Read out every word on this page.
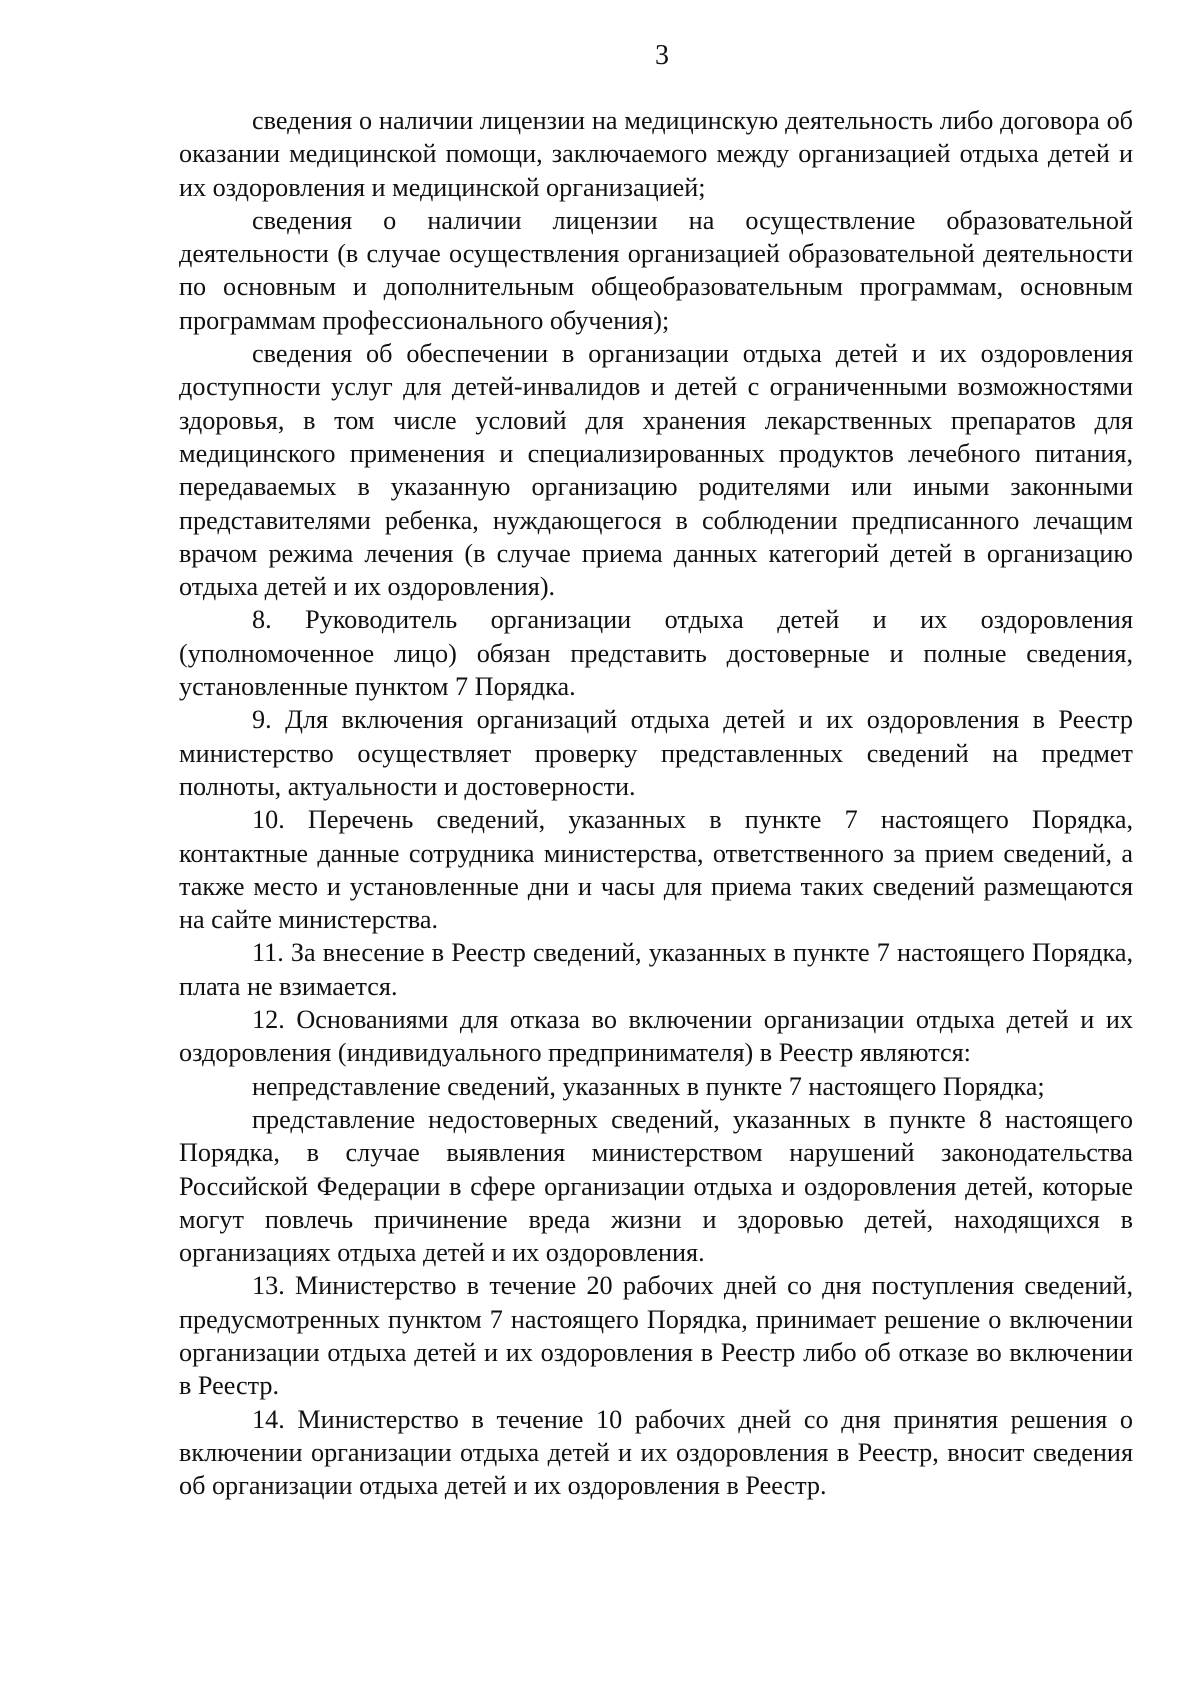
3

сведения о наличии лицензии на медицинскую деятельность либо договора об оказании медицинской помощи, заключаемого между организацией отдыха детей и их оздоровления и медицинской организацией;

сведения о наличии лицензии на осуществление образовательной деятельности (в случае осуществления организацией образовательной деятельности по основным и дополнительным общеобразовательным программам, основным программам профессионального обучения);

сведения об обеспечении в организации отдыха детей и их оздоровления доступности услуг для детей-инвалидов и детей с ограниченными возможностями здоровья, в том числе условий для хранения лекарственных препаратов для медицинского применения и специализированных продуктов лечебного питания, передаваемых в указанную организацию родителями или иными законными представителями ребенка, нуждающегося в соблюдении предписанного лечащим врачом режима лечения (в случае приема данных категорий детей в организацию отдыха детей и их оздоровления).

8. Руководитель организации отдыха детей и их оздоровления (уполномоченное лицо) обязан представить достоверные и полные сведения, установленные пунктом 7 Порядка.

9. Для включения организаций отдыха детей и их оздоровления в Реестр министерство осуществляет проверку представленных сведений на предмет полноты, актуальности и достоверности.

10. Перечень сведений, указанных в пункте 7 настоящего Порядка, контактные данные сотрудника министерства, ответственного за прием сведений, а также место и установленные дни и часы для приема таких сведений размещаются на сайте министерства.

11. За внесение в Реестр сведений, указанных в пункте 7 настоящего Порядка, плата не взимается.

12. Основаниями для отказа во включении организации отдыха детей и их оздоровления (индивидуального предпринимателя) в Реестр являются:

непредставление сведений, указанных в пункте 7 настоящего Порядка;

представление недостоверных сведений, указанных в пункте 8 настоящего Порядка, в случае выявления министерством нарушений законодательства Российской Федерации в сфере организации отдыха и оздоровления детей, которые могут повлечь причинение вреда жизни и здоровью детей, находящихся в организациях отдыха детей и их оздоровления.

13. Министерство в течение 20 рабочих дней со дня поступления сведений, предусмотренных пунктом 7 настоящего Порядка, принимает решение о включении организации отдыха детей и их оздоровления в Реестр либо об отказе во включении в Реестр.

14. Министерство в течение 10 рабочих дней со дня принятия решения о включении организации отдыха детей и их оздоровления в Реестр, вносит сведения об организации отдыха детей и их оздоровления в Реестр.
